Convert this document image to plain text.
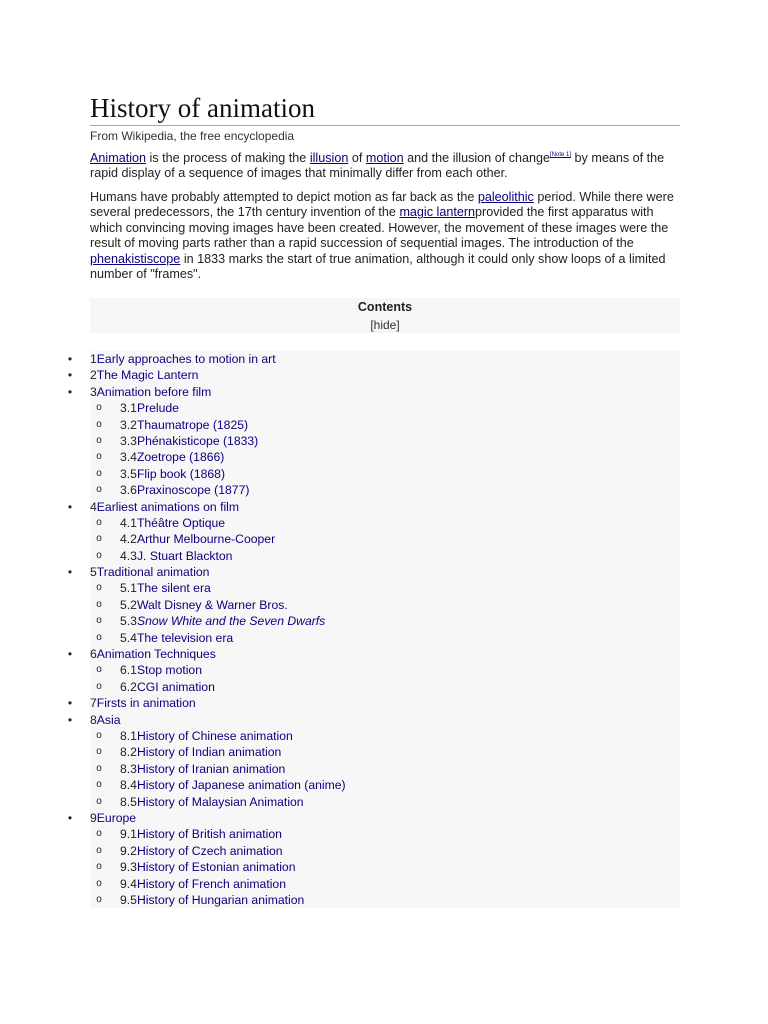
History of animation
From Wikipedia, the free encyclopedia

Animation is the process of making the illusion of motion and the illusion of change[Note 1] by means of the rapid display of a sequence of images that minimally differ from each other.

Humans have probably attempted to depict motion as far back as the paleolithic period. While there were several predecessors, the 17th century invention of the magic lanternprovided the first apparatus with which convincing moving images have been created. However, the movement of these images were the result of moving parts rather than a rapid succession of sequential images. The introduction of the phenakistiscope in 1833 marks the start of true animation, although it could only show loops of a limited number of "frames".

Contents
[hide]
• 1Early approaches to motion in art
• 2The Magic Lantern
• 3Animation before film
o 3.1Prelude
o 3.2Thaumatrope (1825)
o 3.3Phénakisticope (1833)
o 3.4Zoetrope (1866)
o 3.5Flip book (1868)
o 3.6Praxinoscope (1877)
• 4Earliest animations on film
o 4.1Théâtre Optique
o 4.2Arthur Melbourne-Cooper
o 4.3J. Stuart Blackton
• 5Traditional animation
o 5.1The silent era
o 5.2Walt Disney & Warner Bros.
o 5.3Snow White and the Seven Dwarfs
o 5.4The television era
• 6Animation Techniques
o 6.1Stop motion
o 6.2CGI animation
• 7Firsts in animation
• 8Asia
o 8.1History of Chinese animation
o 8.2History of Indian animation
o 8.3History of Iranian animation
o 8.4History of Japanese animation (anime)
o 8.5History of Malaysian Animation
• 9Europe
o 9.1History of British animation
o 9.2History of Czech animation
o 9.3History of Estonian animation
o 9.4History of French animation
o 9.5History of Hungarian animation
